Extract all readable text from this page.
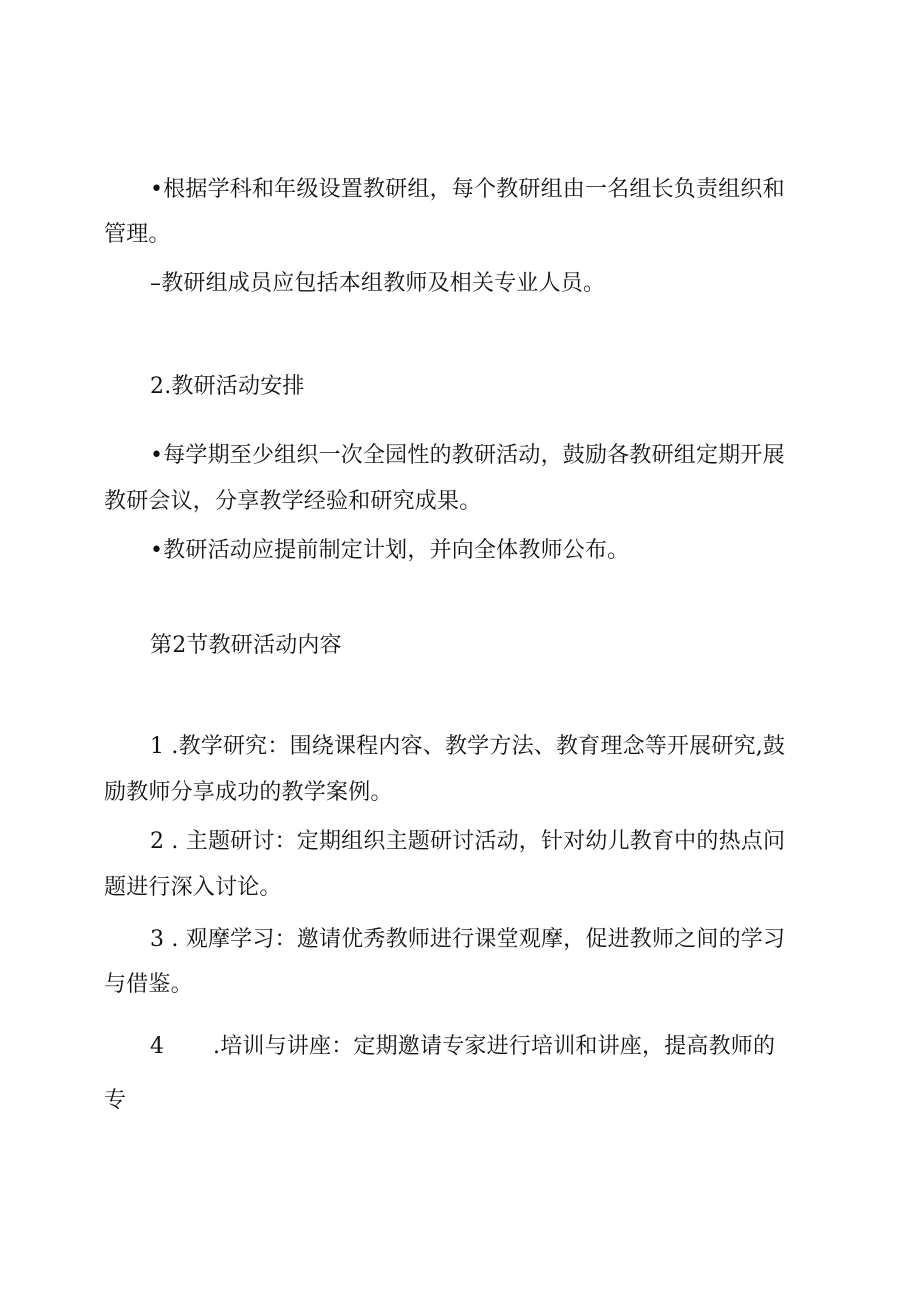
•根据学科和年级设置教研组，每个教研组由一名组长负责组织和
管理。
–教研组成员应包括本组教师及相关专业人员。
2.教研活动安排
•每学期至少组织一次全园性的教研活动，鼓励各教研组定期开展
教研会议，分享教学经验和研究成果。
•教研活动应提前制定计划，并向全体教师公布。
第2节教研活动内容
1 .教学研究：围绕课程内容、教学方法、教育理念等开展研究,鼓
励教师分享成功的教学案例。
2 . 主题研讨：定期组织主题研讨活动，针对幼儿教育中的热点问
题进行深入讨论。
3 . 观摩学习：邀请优秀教师进行课堂观摩，促进教师之间的学习
与借鉴。
4 .培训与讲座：定期邀请专家进行培训和讲座，提高教师的
专
